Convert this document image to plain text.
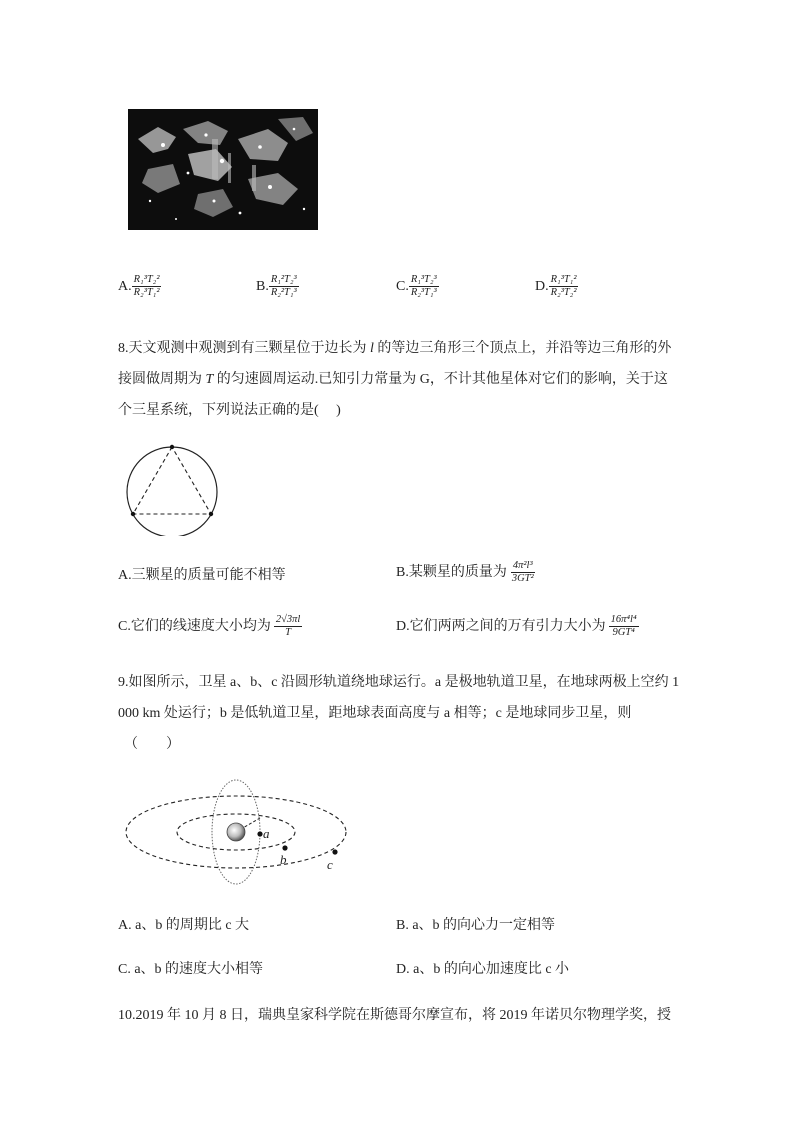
A. $\frac{\text{R₁³T₂²}}{\text{R₂³T₁²}}$	B. $\frac{\text{R₁²T₂³}}{\text{R₂²T₁³}}$	C. $\frac{\text{R₁³T₂³}}{\text{R₂³T₁³}}$	D. $\frac{\text{R₁³T₁²}}{\text{R₂³T₂²}}$
8.天文观测中观测到有三颗星位于边长为 l 的等边三角形三个顶点上，并沿等边三角形的外
接圆做周期为 T 的匀速圆周运动.已知引力常量为 G，不计其他星体对它们的影响，关于这
个三星系统，下列说法正确的是(　 )
A.三颗星的质量可能不相等	B.某颗星的质量为 $\frac{\text{4π²l³}}{\text{3GT²}}$
C.它们的线速度大小均为 $\frac{2√3\pi l}{T}$	D.它们两两之间的万有引力大小为 $\frac{\text{16π⁴l⁴}}{\text{9GT⁴}}$
9.如图所示，卫星 a、b、c 沿圆形轨道绕地球运行。a 是极地轨道卫星，在地球两极上空约 1
000 km 处运行；b 是低轨道卫星，距地球表面高度与 a 相等；c 是地球同步卫星，则
（　　）
a
b	c
A. a、b 的周期比 c 大	B. a、b 的向心力一定相等
C. a、b 的速度大小相等	D. a、b 的向心加速度比 c 小
10.2019 年 10 月 8 日，瑞典皇家科学院在斯德哥尔摩宣布，将 2019 年诺贝尔物理学奖，授
